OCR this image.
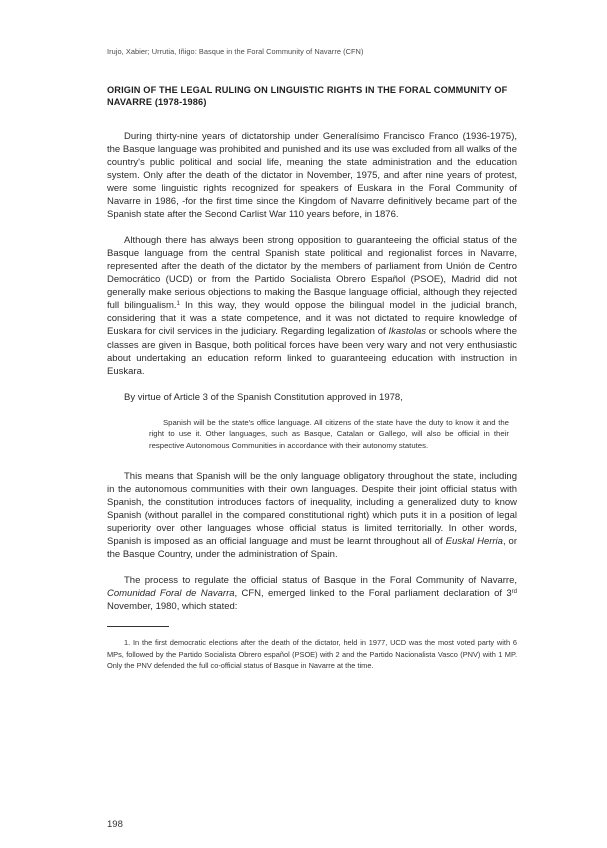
Irujo, Xabier; Urrutia, Iñigo: Basque in the Foral Community of Navarre (CFN)
ORIGIN OF THE LEGAL RULING ON LINGUISTIC RIGHTS IN THE FORAL COMMUNITY OF NAVARRE (1978-1986)

During thirty-nine years of dictatorship under Generalísimo Francisco Franco (1936-1975), the Basque language was prohibited and punished and its use was excluded from all walks of the country's public political and social life, meaning the state administration and the education system. Only after the death of the dictator in November, 1975, and after nine years of protest, were some linguistic rights recognized for speakers of Euskara in the Foral Community of Navarre in 1986, -for the first time since the Kingdom of Navarre definitively became part of the Spanish state after the Second Carlist War 110 years before, in 1876.

Although there has always been strong opposition to guaranteeing the official status of the Basque language from the central Spanish state political and regionalist forces in Navarre, represented after the death of the dictator by the members of parliament from Unión de Centro Democrático (UCD) or from the Partido Socialista Obrero Español (PSOE), Madrid did not generally make serious objections to making the Basque language official, although they rejected full bilingualism.$^1$ In this way, they would oppose the bilingual model in the judicial branch, considering that it was a state competence, and it was not dictated to require knowledge of Euskara for civil services in the judiciary. Regarding legalization of Ikastolas or schools where the classes are given in Basque, both political forces have been very wary and not very enthusiastic about undertaking an education reform linked to guaranteeing education with instruction in Euskara.

By virtue of Article 3 of the Spanish Constitution approved in 1978,

Spanish will be the state's office language. All citizens of the state have the duty to know it and the right to use it. Other languages, such as Basque, Catalan or Gallego, will also be official in their respective Autonomous Communities in accordance with their autonomy statutes.

This means that Spanish will be the only language obligatory throughout the state, including in the autonomous communities with their own languages. Despite their joint official status with Spanish, the constitution introduces factors of inequality, including a generalized duty to know Spanish (without parallel in the compared constitutional right) which puts it in a position of legal superiority over other languages whose official status is limited territorially. In other words, Spanish is imposed as an official language and must be learnt throughout all of Euskal Herria, or the Basque Country, under the administration of Spain.

The process to regulate the official status of Basque in the Foral Community of Navarre, Comunidad Foral de Navarra, CFN, emerged linked to the Foral parliament declaration of 3rd November, 1980, which stated:

1. In the first democratic elections after the death of the dictator, held in 1977, UCD was the most voted party with 6 MPs, followed by the Partido Socialista Obrero español (PSOE) with 2 and the Partido Nacionalista Vasco (PNV) with 1 MP. Only the PNV defended the full co-official status of Basque in Navarre at the time.

198
